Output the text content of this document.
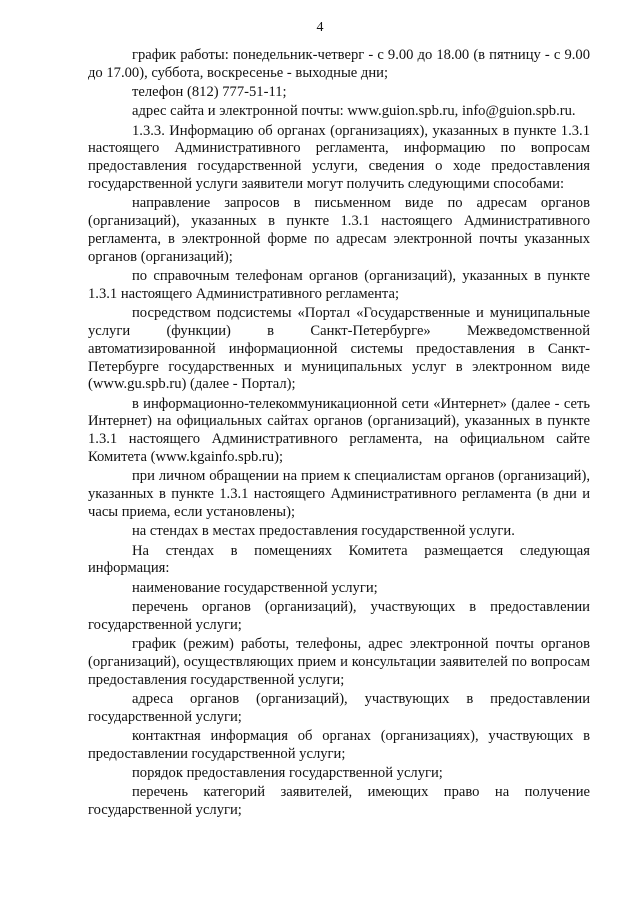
4

график работы: понедельник-четверг - с 9.00 до 18.00 (в пятницу - с 9.00 до 17.00), суббота, воскресенье - выходные дни;

телефон (812) 777-51-11;

адрес сайта и электронной почты: www.guion.spb.ru, info@guion.spb.ru.

1.3.3. Информацию об органах (организациях), указанных в пункте 1.3.1 настоящего Административного регламента, информацию по вопросам предоставления государственной услуги, сведения о ходе предоставления государственной услуги заявители могут получить следующими способами:

направление запросов в письменном виде по адресам органов (организаций), указанных в пункте 1.3.1 настоящего Административного регламента, в электронной форме по адресам электронной почты указанных органов (организаций);

по справочным телефонам органов (организаций), указанных в пункте 1.3.1 настоящего Административного регламента;

посредством подсистемы «Портал «Государственные и муниципальные услуги (функции) в Санкт-Петербурге» Межведомственной автоматизированной информационной системы предоставления в Санкт-Петербурге государственных и муниципальных услуг в электронном виде (www.gu.spb.ru) (далее - Портал);

в информационно-телекоммуникационной сети «Интернет» (далее - сеть Интернет) на официальных сайтах органов (организаций), указанных в пункте 1.3.1 настоящего Административного регламента, на официальном сайте Комитета (www.kgainfo.spb.ru);

при личном обращении на прием к специалистам органов (организаций), указанных в пункте 1.3.1 настоящего Административного регламента (в дни и часы приема, если установлены);

на стендах в местах предоставления государственной услуги.

На стендах в помещениях Комитета размещается следующая информация:

наименование государственной услуги;

перечень органов (организаций), участвующих в предоставлении государственной услуги;

график (режим) работы, телефоны, адрес электронной почты органов (организаций), осуществляющих прием и консультации заявителей по вопросам предоставления государственной услуги;

адреса органов (организаций), участвующих в предоставлении государственной услуги;

контактная информация об органах (организациях), участвующих в предоставлении государственной услуги;

порядок предоставления государственной услуги;

перечень категорий заявителей, имеющих право на получение государственной услуги;
